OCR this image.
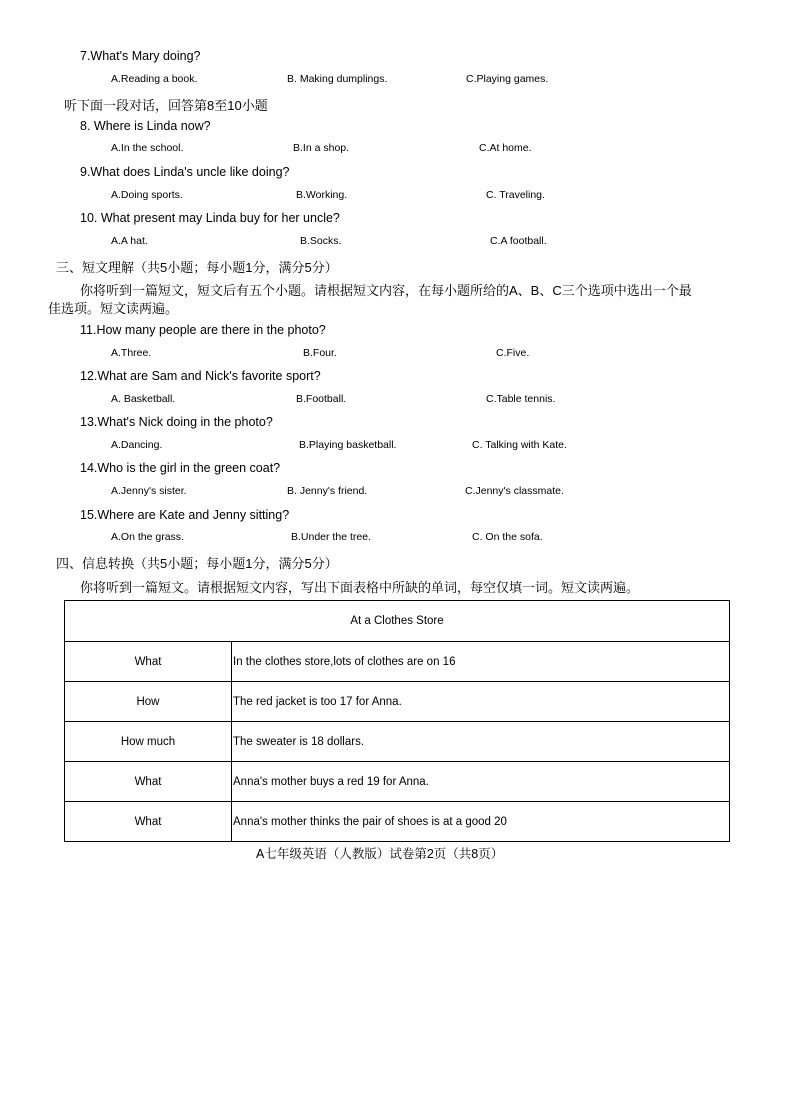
7.What's Mary doing?
A.Reading a book.	B. Making dumplings.	C.Playing games.
听下面一段对话，回答第8至10小题
8. Where is Linda now?
A.In the school.	B.In a shop.	C.At home.
9.What does Linda's uncle like doing?
A.Doing sports.	B.Working.	C. Traveling.
10. What present may Linda buy for her uncle?
A.A hat.	B.Socks.	C.A football.
三、短文理解（共5小题；每小题1分，满分5分）
你将听到一篇短文，短文后有五个小题。请根据短文内容，在每小题所给的A、B、C三个选项中选出一个最
佳选项。短文读两遍。
11.How many people are there in the photo?
A.Three.	B.Four.	C.Five.
12.What are Sam and Nick's favorite sport?
A. Basketball.	B.Football.	C.Table tennis.
13.What's Nick doing in the photo?
A.Dancing.	B.Playing basketball.	C. Talking with Kate.
14.Who is the girl in the green coat?
A.Jenny's sister.	B. Jenny's friend.	C.Jenny's classmate.
15.Where are Kate and Jenny sitting?
A.On the grass.	B.Under the tree.	C. On the sofa.
四、信息转换（共5小题；每小题1分，满分5分）
你将听到一篇短文。请根据短文内容，写出下面表格中所缺的单词，每空仅填一词。短文读两遍。
At a Clothes Store	
What	In the clothes store,lots of clothes are on 16
How	The red jacket is too 17 for Anna.
How much	The sweater is 18 dollars.
What	Anna's mother buys a red 19 for Anna.
What	Anna's mother thinks the pair of shoes is at a good 20
A七年级英语（人教版）试卷第2页（共8页）
